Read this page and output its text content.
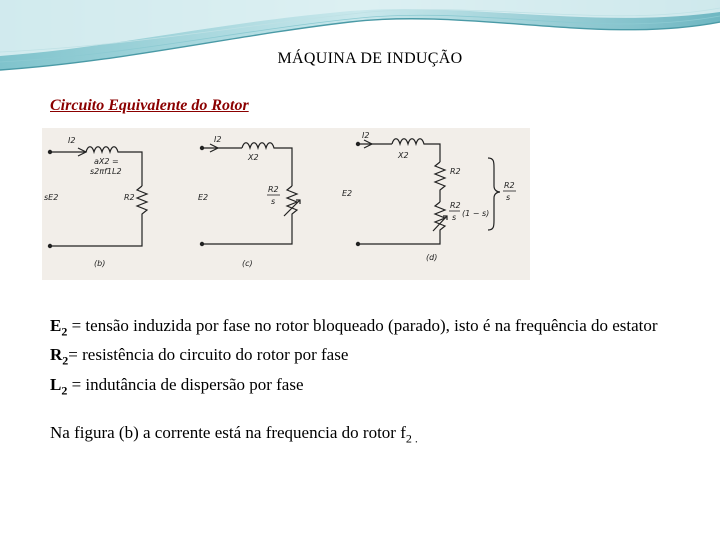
MÁQUINA DE INDUÇÃO
Circuito Equivalente do Rotor
I2
aX2 =
s2πf1L2
sE2	R2
(b)
I2
X2
E2
R2
s
(c)
I2
X2
E2
R2
R2
s (1 − s)
R2
s
(d)

$E_2$ = tensão induzida por fase no rotor bloqueado (parado), isto é na frequência do estator

$R_2=$ resistência do circuito do rotor por fase

$L_2$ = indutância de dispersão por fase

Na figura (b) a corrente está na frequencia do rotor $f_{2 .}$
